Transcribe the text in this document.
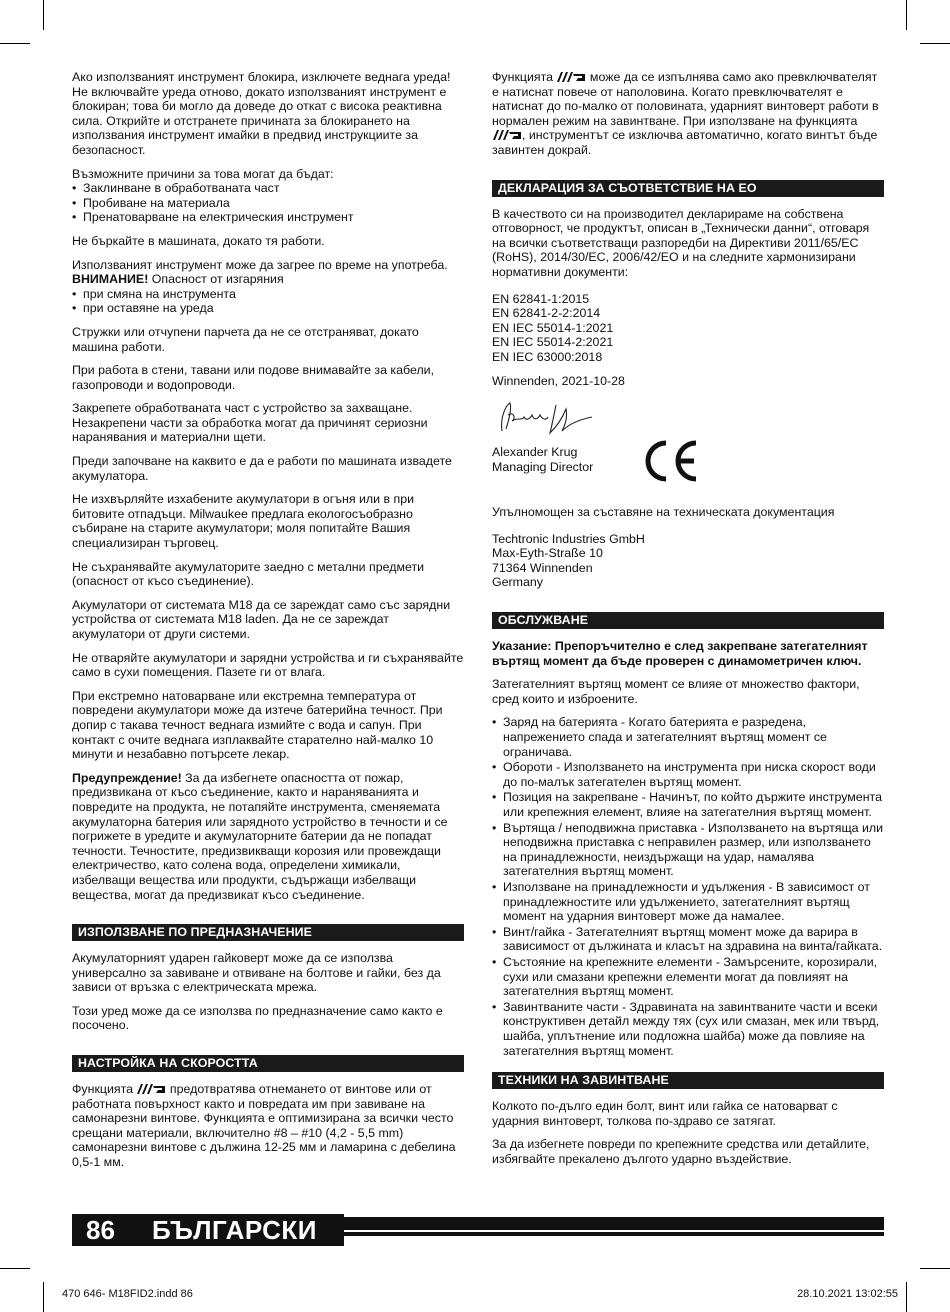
Ако използваният инструмент блокира, изключете веднага уреда! Не включвайте уреда отново, докато използваният инструмент е блокиран; това би могло да доведе до откат с висока реактивна сила. Открийте и отстранете причината за блокирането на използвания инструмент имайки в предвид инструкциите за безопасност.

Възможните причини за това могат да бъдат:

• Заклинване в обработваната част
• Пробиване на материала
• Пренатоварване на електрическия инструмент

Не бъркайте в машината, докато тя работи.

Използваният инструмент може да загрее по време на употреба.

ВНИМАНИЕ! Опасност от изгаряния

• при смяна на инструмента
• при оставяне на уреда

Стружки или отчупени парчета да не се отстраняват, докато машина работи.

При работа в стени, тавани или подове внимавайте за кабели, газопроводи и водопроводи.

Закрепете обработваната част с устройство за захващане. Незакрепени части за обработка могат да причинят сериозни наранявания и материални щети.

Преди започване на каквито е да е работи по машината извадете акумулатора.

Не изхвърляйте изхабените акумулатори в огъня или в при битовите отпадъци. Milwaukee предлага екологосъобразно събиране на старите акумулатори; моля попитайте Вашия специализиран търговец.

Не съхранявайте акумулаторите заедно с метални предмети (опасност от късо съединение).

Акумулатори от системата М18 да се зареждат само със зарядни устройства от системата М18 laden. Да не се зареждат акумулатори от други системи.

Не отваряйте акумулатори и зарядни устройства и ги съхранявайте само в сухи помещения. Пазете ги от влага.

При екстремно натоварване или екстремна температура от повредени акумулатори може да изтече батерийна течност. При допир с такава течност веднага измийте с вода и сапун. При контакт с очите веднага изплаквайте старателно най-малко 10 минути и незабавно потърсете лекар.

Предупреждение! За да избегнете опасността от пожар, предизвикана от късо съединение, както и нараняванията и повредите на продукта, не потапяйте инструмента, сменяемата акумулаторна батерия или зарядното устройство в течности и се погрижете в уредите и акумулаторните батерии да не попадат течности. Течностите, предизвикващи корозия или провеждащи електричество, като солена вода, определени химикали, избелващи вещества или продукти, съдържащи избелващи вещества, могат да предизвикат късо съединение.

ИЗПОЛЗВАНЕ ПО ПРЕДНАЗНАЧЕНИЕ

Акумулаторният ударен гайковерт може да се използва универсално за завиване и отвиване на болтове и гайки, без да зависи от връзка с електрическата мрежа.

Този уред може да се използва по предназначение само както е посочено.

НАСТРОЙКА НА СКОРОСТТА

Функцията  предотвратява отнемането от винтове или от работната повърхност както и повредата им при завиване на самонарезни винтове. Функцията е оптимизирана за всички често срещани материали, включително #8 – #10 (4,2 - 5,5 mm) самонарезни винтове с дължина 12-25 мм и ламарина с дебелина 0,5-1 мм.

Функцията  може да се изпълнява само ако превключвателят е натиснат повече от наполовина. Когато превключвателят е натиснат до по-малко от половината, ударният винтоверт работи в нормален режим на завинтване. При използване на функцията , инструментът се изключва автоматично, когато винтът бъде завинтен докрай.

ДЕКЛАРАЦИЯ ЗА СЪОТВЕТСТВИЕ НА ЕО

В качеството си на производител декларираме на собствена отговорност, че продуктът, описан в „Технически данни“, отговаря на всички съответстващи разпоредби на Директиви 2011/65/EC (RoHS), 2014/30/EC, 2006/42/EO и на следните хармонизирани нормативни документи:

EN 62841-1:2015
EN 62841-2-2:2014
EN IEC 55014-1:2021
EN IEC 55014-2:2021
EN IEC 63000:2018

Winnenden, 2021-10-28

Alexander Krug
Managing Director

Упълномощен за съставяне на техническата документация

Techtronic Industries GmbH
Max-Eyth-Straße 10
71364 Winnenden
Germany

ОБСЛУЖВАНЕ

Указание: Препоръчително е след закрепване затегателният въртящ момент да бъде проверен с динамометричен ключ.

Затегателният въртящ момент се влияе от множество фактори, сред които и изброените.

• Заряд на батерията - Когато батерията е разредена, напрежението спада и затегателният въртящ момент се ограничава.
• Обороти - Използването на инструмента при ниска скорост води до по-малък затегателен въртящ момент.
• Позиция на закрепване - Начинът, по който държите инструмента или крепежния елемент, влияе на затегателния въртящ момент.
• Въртяща / неподвижна приставка - Използването на въртяща или неподвижна приставка с неправилен размер, или използването на принадлежности, неиздържащи на удар, намалява затегателния въртящ момент.
• Използване на принадлежности и удължения - В зависимост от принадлежностите или удължението, затегателният въртящ момент на ударния винтоверт може да намалее.
• Винт/гайка - Затегателният въртящ момент може да варира в зависимост от дължината и класът на здравина на винта/гайката.
• Състояние на крепежните елементи - Замърсените, корозирали, сухи или смазани крепежни елементи могат да повлияят на затегателния въртящ момент.
• Завинтваните части - Здравината на завинтваните части и всеки конструктивен детайл между тях (сух или смазан, мек или твърд, шайба, уплътнение или подложна шайба) може да повлияе на затегателния въртящ момент.
ТЕХНИКИ НА ЗАВИНТВАНЕ

Колкото по-дълго един болт, винт или гайка се натоварват с ударния винтоверт, толкова по-здраво се затягат.

За да избегнете повреди по крепежните средства или детайлите, избягвайте прекалено дългото ударно въздействие.

86 БЪЛГАРСКИ
470 646- M18FID2.indd 86	28.10.2021 13:02:55
